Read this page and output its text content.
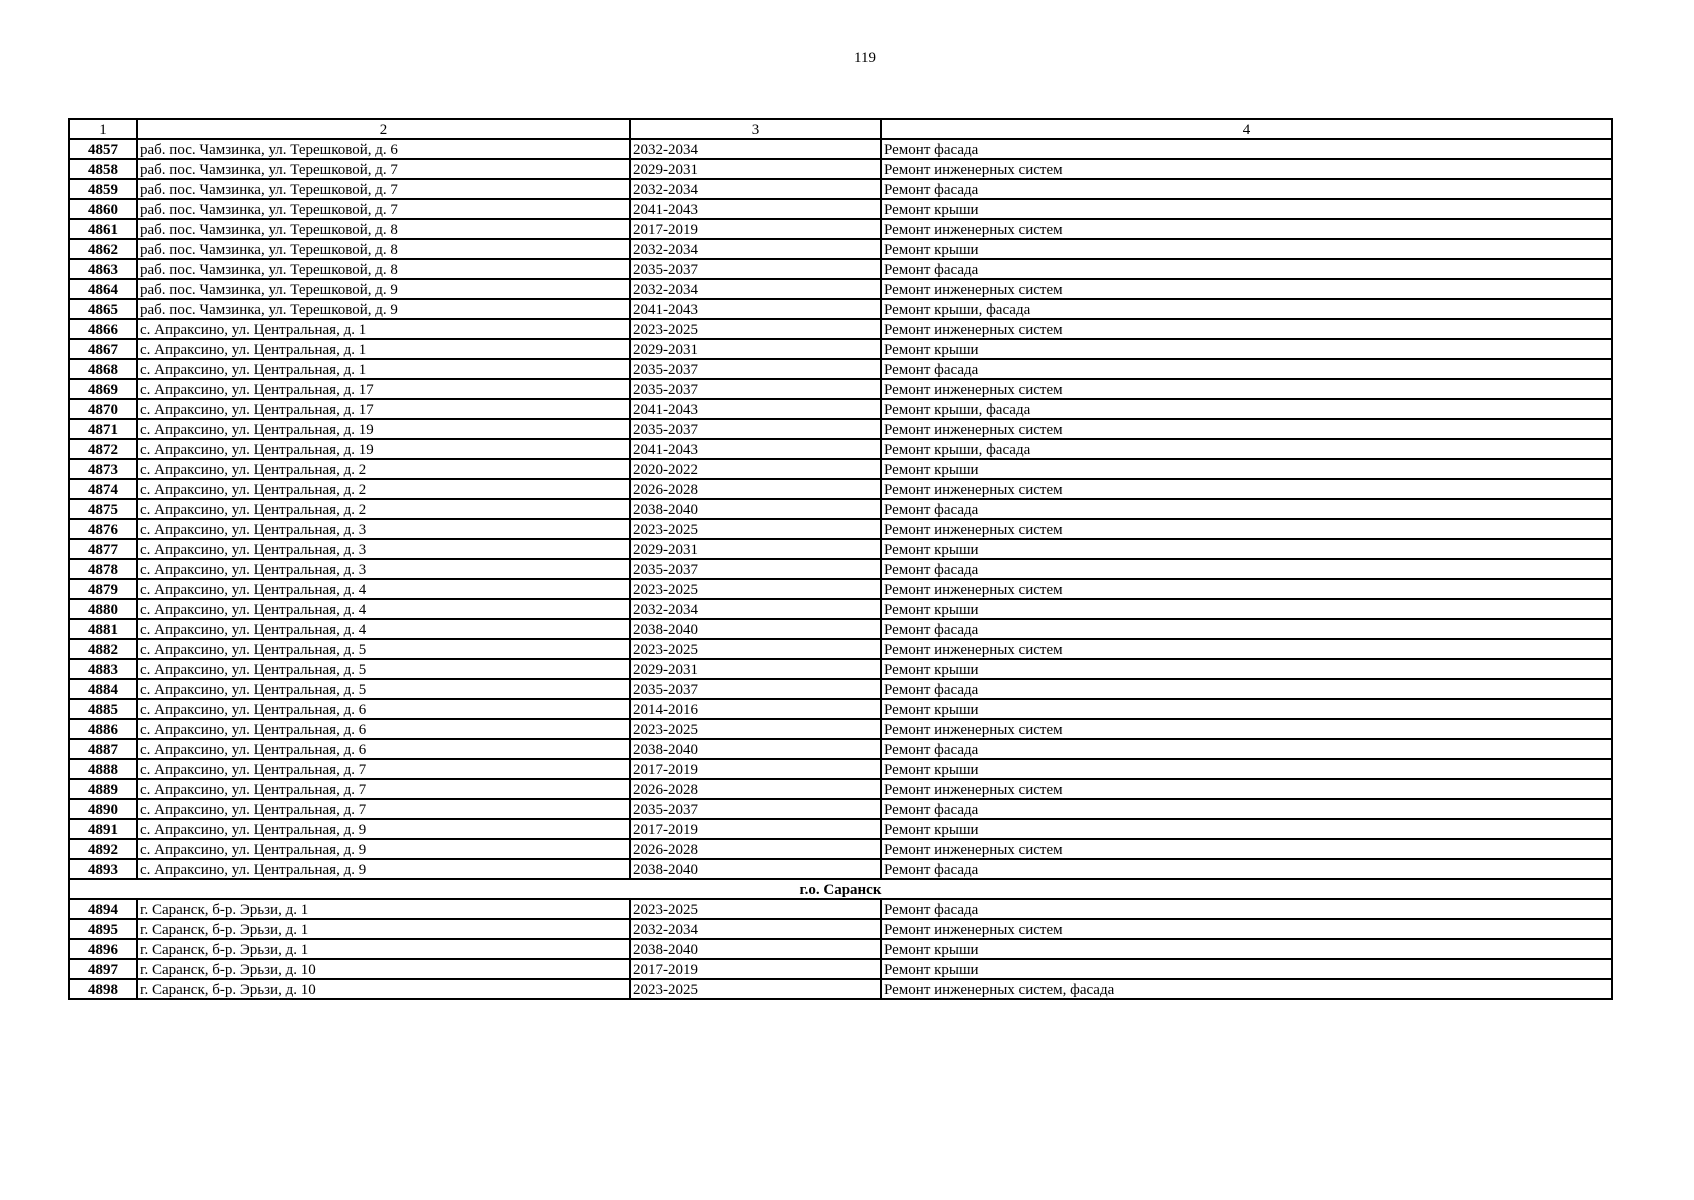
119
1	2	3	4
4857	раб. пос. Чамзинка, ул. Терешковой, д. 6	2032-2034	Ремонт фасада
4858	раб. пос. Чамзинка, ул. Терешковой, д. 7	2029-2031	Ремонт инженерных систем
4859	раб. пос. Чамзинка, ул. Терешковой, д. 7	2032-2034	Ремонт фасада
4860	раб. пос. Чамзинка, ул. Терешковой, д. 7	2041-2043	Ремонт крыши
4861	раб. пос. Чамзинка, ул. Терешковой, д. 8	2017-2019	Ремонт инженерных систем
4862	раб. пос. Чамзинка, ул. Терешковой, д. 8	2032-2034	Ремонт крыши
4863	раб. пос. Чамзинка, ул. Терешковой, д. 8	2035-2037	Ремонт фасада
4864	раб. пос. Чамзинка, ул. Терешковой, д. 9	2032-2034	Ремонт инженерных систем
4865	раб. пос. Чамзинка, ул. Терешковой, д. 9	2041-2043	Ремонт крыши, фасада
4866	с. Апраксино, ул. Центральная, д. 1	2023-2025	Ремонт инженерных систем
4867	с. Апраксино, ул. Центральная, д. 1	2029-2031	Ремонт крыши
4868	с. Апраксино, ул. Центральная, д. 1	2035-2037	Ремонт фасада
4869	с. Апраксино, ул. Центральная, д. 17	2035-2037	Ремонт инженерных систем
4870	с. Апраксино, ул. Центральная, д. 17	2041-2043	Ремонт крыши, фасада
4871	с. Апраксино, ул. Центральная, д. 19	2035-2037	Ремонт инженерных систем
4872	с. Апраксино, ул. Центральная, д. 19	2041-2043	Ремонт крыши, фасада
4873	с. Апраксино, ул. Центральная, д. 2	2020-2022	Ремонт крыши
4874	с. Апраксино, ул. Центральная, д. 2	2026-2028	Ремонт инженерных систем
4875	с. Апраксино, ул. Центральная, д. 2	2038-2040	Ремонт фасада
4876	с. Апраксино, ул. Центральная, д. 3	2023-2025	Ремонт инженерных систем
4877	с. Апраксино, ул. Центральная, д. 3	2029-2031	Ремонт крыши
4878	с. Апраксино, ул. Центральная, д. 3	2035-2037	Ремонт фасада
4879	с. Апраксино, ул. Центральная, д. 4	2023-2025	Ремонт инженерных систем
4880	с. Апраксино, ул. Центральная, д. 4	2032-2034	Ремонт крыши
4881	с. Апраксино, ул. Центральная, д. 4	2038-2040	Ремонт фасада
4882	с. Апраксино, ул. Центральная, д. 5	2023-2025	Ремонт инженерных систем
4883	с. Апраксино, ул. Центральная, д. 5	2029-2031	Ремонт крыши
4884	с. Апраксино, ул. Центральная, д. 5	2035-2037	Ремонт фасада
4885	с. Апраксино, ул. Центральная, д. 6	2014-2016	Ремонт крыши
4886	с. Апраксино, ул. Центральная, д. 6	2023-2025	Ремонт инженерных систем
4887	с. Апраксино, ул. Центральная, д. 6	2038-2040	Ремонт фасада
4888	с. Апраксино, ул. Центральная, д. 7	2017-2019	Ремонт крыши
4889	с. Апраксино, ул. Центральная, д. 7	2026-2028	Ремонт инженерных систем
4890	с. Апраксино, ул. Центральная, д. 7	2035-2037	Ремонт фасада
4891	с. Апраксино, ул. Центральная, д. 9	2017-2019	Ремонт крыши
4892	с. Апраксино, ул. Центральная, д. 9	2026-2028	Ремонт инженерных систем
4893	с. Апраксино, ул. Центральная, д. 9	2038-2040	Ремонт фасада
г.о. Саранск			
4894	г. Саранск, б-р. Эрьзи, д. 1	2023-2025	Ремонт фасада
4895	г. Саранск, б-р. Эрьзи, д. 1	2032-2034	Ремонт инженерных систем
4896	г. Саранск, б-р. Эрьзи, д. 1	2038-2040	Ремонт крыши
4897	г. Саранск, б-р. Эрьзи, д. 10	2017-2019	Ремонт крыши
4898	г. Саранск, б-р. Эрьзи, д. 10	2023-2025	Ремонт инженерных систем, фасада
